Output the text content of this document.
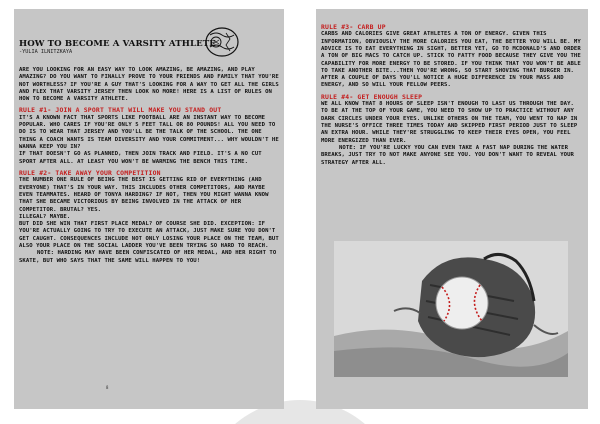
HOW TO BECOME A VARSITY ATHLETE
-YULIA ILNITZKAYA

ARE YOU LOOKING FOR AN EASY WAY TO LOOK AMAZING, BE AMAZING, AND PLAY AMAZING? DO YOU WANT TO FINALLY PROVE TO YOUR FRIENDS AND FAMILY THAT YOU'RE NOT WORTHLESS? IF YOU'RE A GUY THAT'S LOOKING FOR A WAY TO GET ALL THE GIRLS AND FLEX THAT VARSITY JERSEY THEN LOOK NO MORE! HERE IS A LIST OF RULES ON HOW TO BECOME A VARSITY ATHLETE.

RULE #1- JOIN A SPORT THAT WILL MAKE YOU STAND OUT

IT'S A KNOWN FACT THAT SPORTS LIKE FOOTBALL ARE AN INSTANT WAY TO BECOME POPULAR. WHO CARES IF YOU'RE ONLY 5 FEET TALL OR 80 POUNDS! ALL YOU NEED TO DO IS TO WEAR THAT JERSEY AND YOU'LL BE THE TALK OF THE SCHOOL. THE ONE THING A COACH WANTS IS TEAM DIVERSITY AND YOUR COMMITMENT... WHY WOULDN'T HE WANNA KEEP YOU IN?

IF THAT DOESN'T GO AS PLANNED, THEN JOIN TRACK AND FIELD. IT'S A NO CUT SPORT AFTER ALL. AT LEAST YOU WON'T BE WARMING THE BENCH THIS TIME.

RULE #2- TAKE AWAY YOUR COMPETITION

THE NUMBER ONE RULE OF BEING THE BEST IS GETTING RID OF EVERYTHING (AND EVERYONE) THAT'S IN YOUR WAY. THIS INCLUDES OTHER COMPETITORS, AND MAYBE EVEN TEAMMATES. HEARD OF TONYA HARDING? IF NOT, THEN YOU MIGHT WANNA KNOW THAT SHE BECAME VICTORIOUS BY BEING INVOLVED IN THE ATTACK OF HER COMPETITOR. BRUTAL? YES.

ILLEGAL? MAYBE.

BUT DID SHE WIN THAT FIRST PLACE MEDAL? OF COURSE SHE DID. EXCEPTION: IF YOU'RE ACTUALLY GOING TO TRY TO EXECUTE AN ATTACK, JUST MAKE SURE YOU DON'T GET CAUGHT. CONSEQUENCES INCLUDE NOT ONLY LOSING YOUR PLACE ON THE TEAM, BUT ALSO YOUR PLACE ON THE SOCIAL LADDER YOU'VE BEEN TRYING SO HARD TO REACH.

NOTE: HARDING MAY HAVE BEEN CONFISCATED OF HER MEDAL, AND HER RIGHT TO SKATE, BUT WHO SAYS THAT THE SAME WILL HAPPEN TO YOU!

8
RULE #3- CARB UP

CARBS AND CALORIES GIVE GREAT ATHLETES A TON OF ENERGY. GIVEN THIS INFORMATION, OBVIOUSLY THE MORE CALORIES YOU EAT, THE BETTER YOU WILL BE. MY ADVICE IS TO EAT EVERYTHING IN SIGHT, BETTER YET, GO TO MCDONALD'S AND ORDER A TON OF BIG MACS TO CATCH UP. STICK TO FATTY FOOD BECAUSE THEY GIVE YOU THE CAPABILITY FOR MORE ENERGY TO BE STORED. IF YOU THINK THAT YOU WON'T BE ABLE TO TAKE ANOTHER BITE...THEN YOU'RE WRONG, SO START SHOVING THAT BURGER IN. AFTER A COUPLE OF DAYS YOU'LL NOTICE A HUGE DIFFERENCE IN YOUR MASS AND ENERGY, AND SO WILL YOUR FELLOW PEERS.

RULE #4- GET ENOUGH SLEEP

WE ALL KNOW THAT 8 HOURS OF SLEEP ISN'T ENOUGH TO LAST US THROUGH THE DAY. TO BE AT THE TOP OF YOUR GAME, YOU NEED TO SHOW UP TO PRACTICE WITHOUT ANY DARK CIRCLES UNDER YOUR EYES. UNLIKE OTHERS ON THE TEAM, YOU WENT TO NAP IN THE NURSE'S OFFICE THREE TIMES TODAY AND SKIPPED FIRST PERIOD JUST TO SLEEP AN EXTRA HOUR. WHILE THEY'RE STRUGGLING TO KEEP THEIR EYES OPEN, YOU FEEL MORE ENERGIZED THAN EVER.

NOTE: IF YOU'RE LUCKY YOU CAN EVEN TAKE A FAST NAP DURING THE WATER BREAKS, JUST TRY TO NOT MAKE ANYONE SEE YOU. YOU DON'T WANT TO REVEAL YOUR STRATEGY AFTER ALL.
